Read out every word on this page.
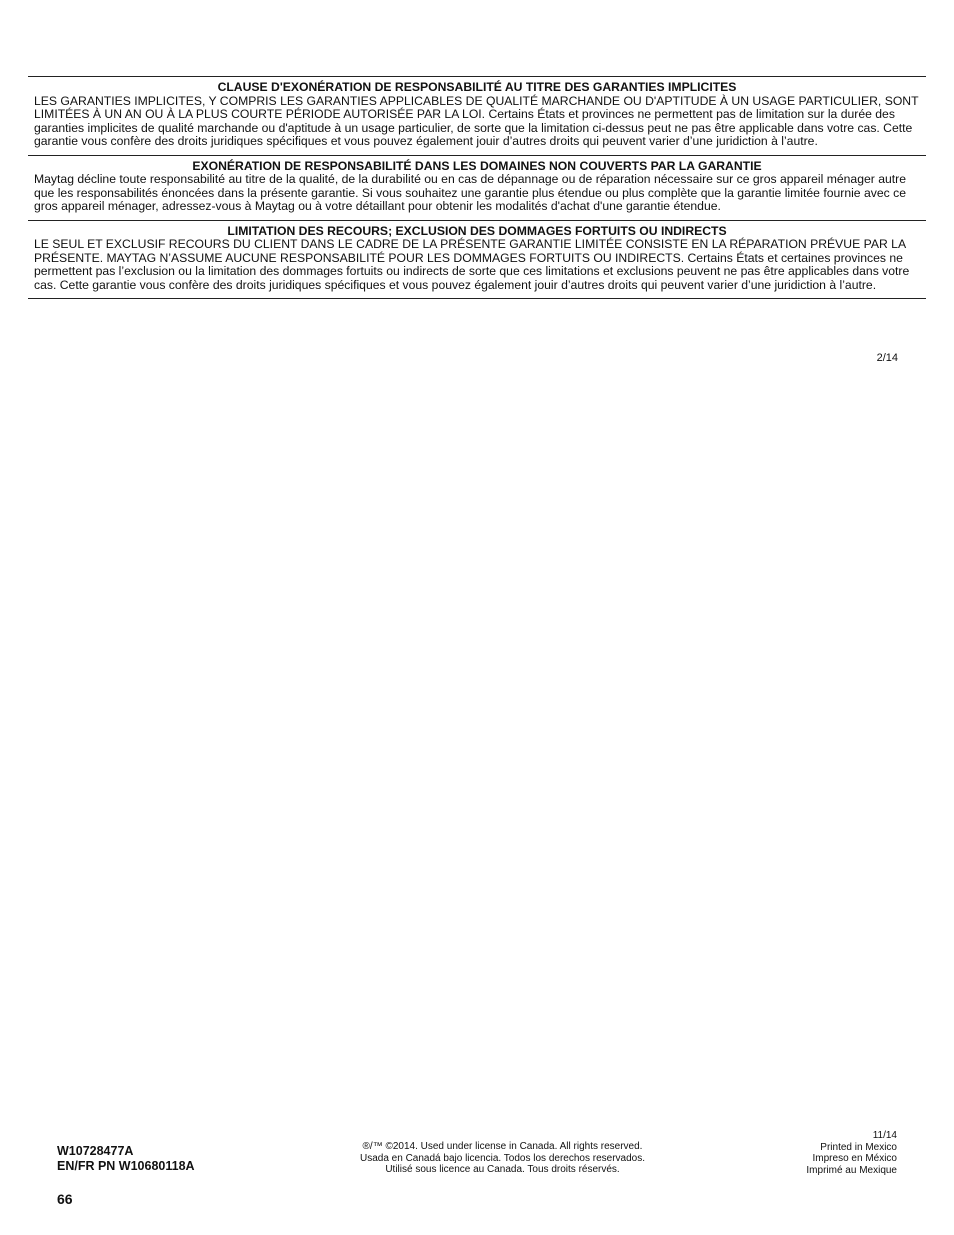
CLAUSE D'EXONÉRATION DE RESPONSABILITÉ AU TITRE DES GARANTIES IMPLICITES

LES GARANTIES IMPLICITES, Y COMPRIS LES GARANTIES APPLICABLES DE QUALITÉ MARCHANDE OU D'APTITUDE À UN USAGE PARTICULIER, SONT LIMITÉES À UN AN OU À LA PLUS COURTE PÉRIODE AUTORISÉE PAR LA LOI. Certains États et provinces ne permettent pas de limitation sur la durée des garanties implicites de qualité marchande ou d'aptitude à un usage particulier, de sorte que la limitation ci-dessus peut ne pas être applicable dans votre cas. Cette garantie vous confère des droits juridiques spécifiques et vous pouvez également jouir d’autres droits qui peuvent varier d’une juridiction à l’autre.

EXONÉRATION DE RESPONSABILITÉ DANS LES DOMAINES NON COUVERTS PAR LA GARANTIE

Maytag décline toute responsabilité au titre de la qualité, de la durabilité ou en cas de dépannage ou de réparation nécessaire sur ce gros appareil ménager autre que les responsabilités énoncées dans la présente garantie. Si vous souhaitez une garantie plus étendue ou plus complète que la garantie limitée fournie avec ce gros appareil ménager, adressez-vous à Maytag ou à votre détaillant pour obtenir les modalités d'achat d'une garantie étendue.

LIMITATION DES RECOURS; EXCLUSION DES DOMMAGES FORTUITS OU INDIRECTS

LE SEUL ET EXCLUSIF RECOURS DU CLIENT DANS LE CADRE DE LA PRÉSENTE GARANTIE LIMITÉE CONSISTE EN LA RÉPARATION PRÉVUE PAR LA PRÉSENTE. MAYTAG N’ASSUME AUCUNE RESPONSABILITÉ POUR LES DOMMAGES FORTUITS OU INDIRECTS. Certains États et certaines provinces ne permettent pas l’exclusion ou la limitation des dommages fortuits ou indirects de sorte que ces limitations et exclusions peuvent ne pas être applicables dans votre cas. Cette garantie vous confère des droits juridiques spécifiques et vous pouvez également jouir d’autres droits qui peuvent varier d’une juridiction à l’autre.

2/14
W10728477A
EN/FR PN W10680118A
®/™ ©2014. Used under license in Canada. All rights reserved.
Usada en Canadá bajo licencia. Todos los derechos reservados.
Utilisé sous licence au Canada. Tous droits réservés.
11/14
Printed in Mexico
Impreso en México
Imprimé au Mexique
66
